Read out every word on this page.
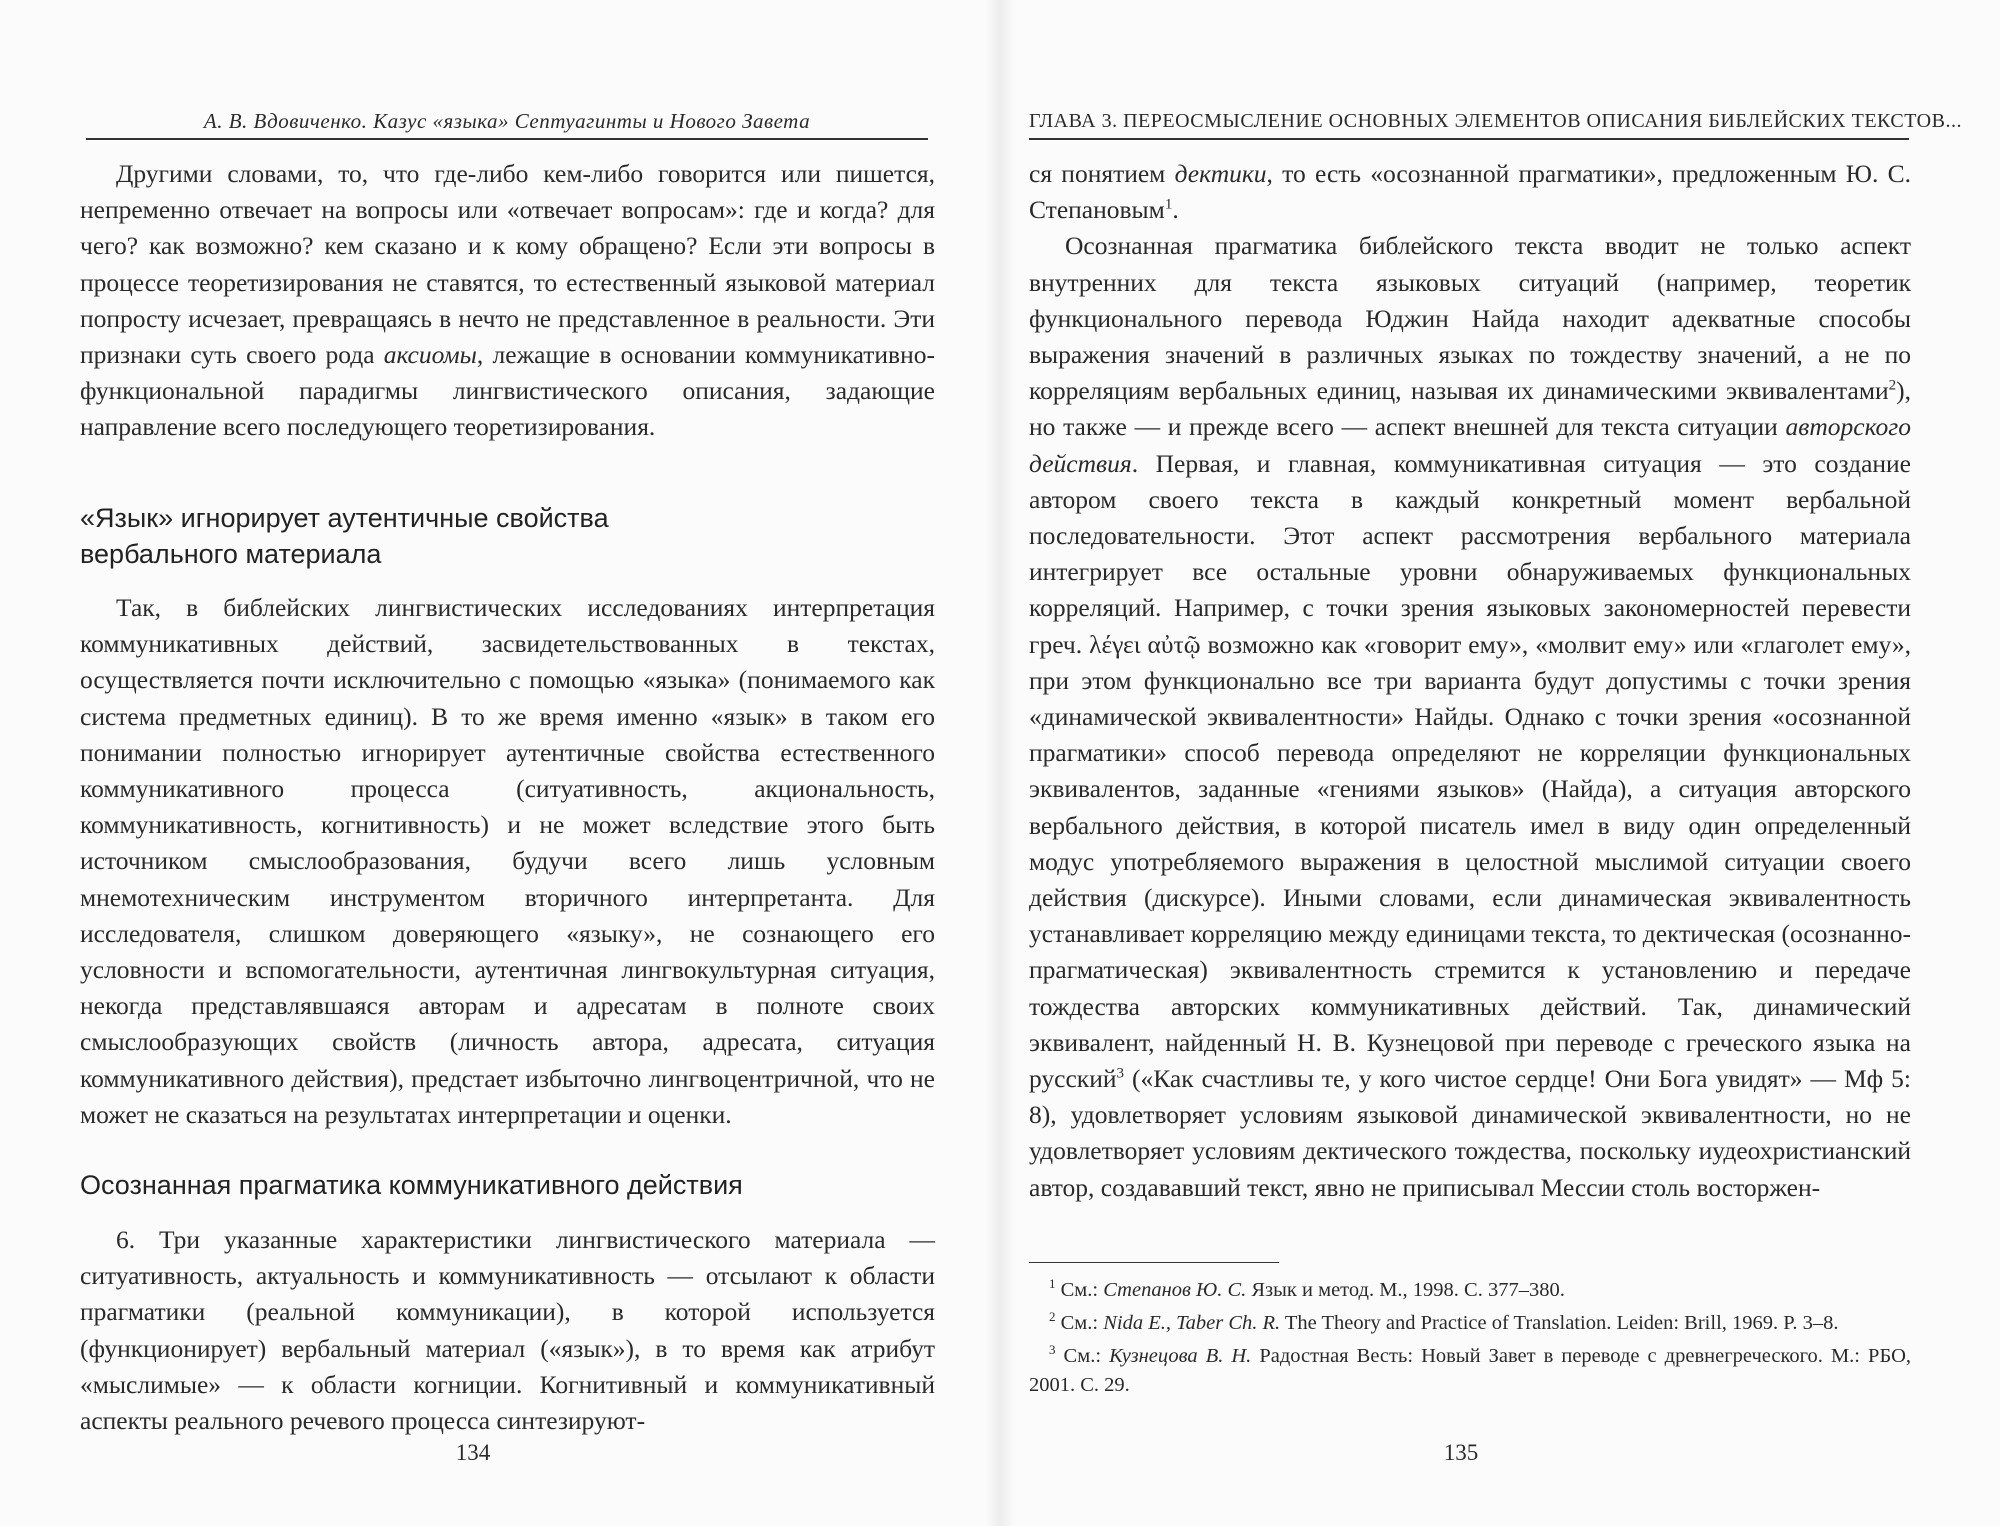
А. В. Вдовиченко. Казус «языка» Септуагинты и Нового Завета

Другими словами, то, что где-либо кем-либо говорится или пишется, непременно отвечает на вопросы или «отвечает вопросам»: где и когда? для чего? как возможно? кем сказано и к кому обращено? Если эти вопросы в процессе теоретизирования не ставятся, то естественный языковой материал попросту исчезает, превращаясь в нечто не представленное в реальности. Эти признаки суть своего рода аксиомы, лежащие в основании коммуникативно-функциональной парадигмы лингвистического описания, задающие направление всего последующего теоретизирования.

«Язык» игнорирует аутентичные свойства
вербального материала

Так, в библейских лингвистических исследованиях интерпретация коммуникативных действий, засвидетельствованных в текстах, осуществляется почти исключительно с помощью «языка» (понимаемого как система предметных единиц). В то же время именно «язык» в таком его понимании полностью игнорирует аутентичные свойства естественного коммуникативного процесса (ситуативность, акциональность, коммуникативность, когнитивность) и не может вследствие этого быть источником смыслообразования, будучи всего лишь условным мнемотехническим инструментом вторичного интерпретанта. Для исследователя, слишком доверяющего «языку», не сознающего его условности и вспомогательности, аутентичная лингвокультурная ситуация, некогда представлявшаяся авторам и адресатам в полноте своих смыслообразующих свойств (личность автора, адресата, ситуация коммуникативного действия), предстает избыточно лингвоцентричной, что не может не сказаться на результатах интерпретации и оценки.

Осознанная прагматика коммуникативного действия

6. Три указанные характеристики лингвистического материала — ситуативность, актуальность и коммуникативность — отсылают к области прагматики (реальной коммуникации), в которой используется (функционирует) вербальный материал («язык»), в то время как атрибут «мыслимые» — к области когниции. Когнитивный и коммуникативный аспекты реального речевого процесса синтезируют-

134
ГЛАВА 3. ПЕРЕОСМЫСЛЕНИЕ ОСНОВНЫХ ЭЛЕМЕНТОВ ОПИСАНИЯ БИБЛЕЙСКИХ ТЕКСТОВ...

ся понятием дектики, то есть «осознанной прагматики», предложенным Ю. С. Степановым$^1$.

Осознанная прагматика библейского текста вводит не только аспект внутренних для текста языковых ситуаций (например, теоретик функционального перевода Юджин Найда находит адекватные способы выражения значений в различных языках по тождеству значений, а не по корреляциям вербальных единиц, называя их динамическими эквивалентами$^2$), но также — и прежде всего — аспект внешней для текста ситуации авторского действия. Первая, и главная, коммуникативная ситуация — это создание автором своего текста в каждый конкретный момент вербальной последовательности. Этот аспект рассмотрения вербального материала интегрирует все остальные уровни обнаруживаемых функциональных корреляций. Например, с точки зрения языковых закономерностей перевести греч. λέγει αὐτῷ возможно как «говорит ему», «молвит ему» или «глаголет ему», при этом функционально все три варианта будут допустимы с точки зрения «динамической эквивалентности» Найды. Однако с точки зрения «осознанной прагматики» способ перевода определяют не корреляции функциональных эквивалентов, заданные «гениями языков» (Найда), а ситуация авторского вербального действия, в которой писатель имел в виду один определенный модус употребляемого выражения в целостной мыслимой ситуации своего действия (дискурсе). Иными словами, если динамическая эквивалентность устанавливает корреляцию между единицами текста, то дектическая (осознанно-прагматическая) эквивалентность стремится к установлению и передаче тождества авторских коммуникативных действий. Так, динамический эквивалент, найденный Н. В. Кузнецовой при переводе с греческого языка на русский$^3$ («Как счастливы те, у кого чистое сердце! Они Бога увидят» — Мф 5: 8), удовлетворяет условиям языковой динамической эквивалентности, но не удовлетворяет условиям дектического тождества, поскольку иудеохристианский автор, создававший текст, явно не приписывал Мессии столь восторжен-

$^1$ См.: Степанов Ю. С. Язык и метод. М., 1998. С. 377–380.

$^2$ См.: Nida E., Taber Ch. R. The Theory and Practice of Translation. Leiden: Brill, 1969. P. 3–8.

$^3$ См.: Кузнецова В. Н. Радостная Весть: Новый Завет в переводе с древнегреческого. М.: РБО, 2001. С. 29.

135
